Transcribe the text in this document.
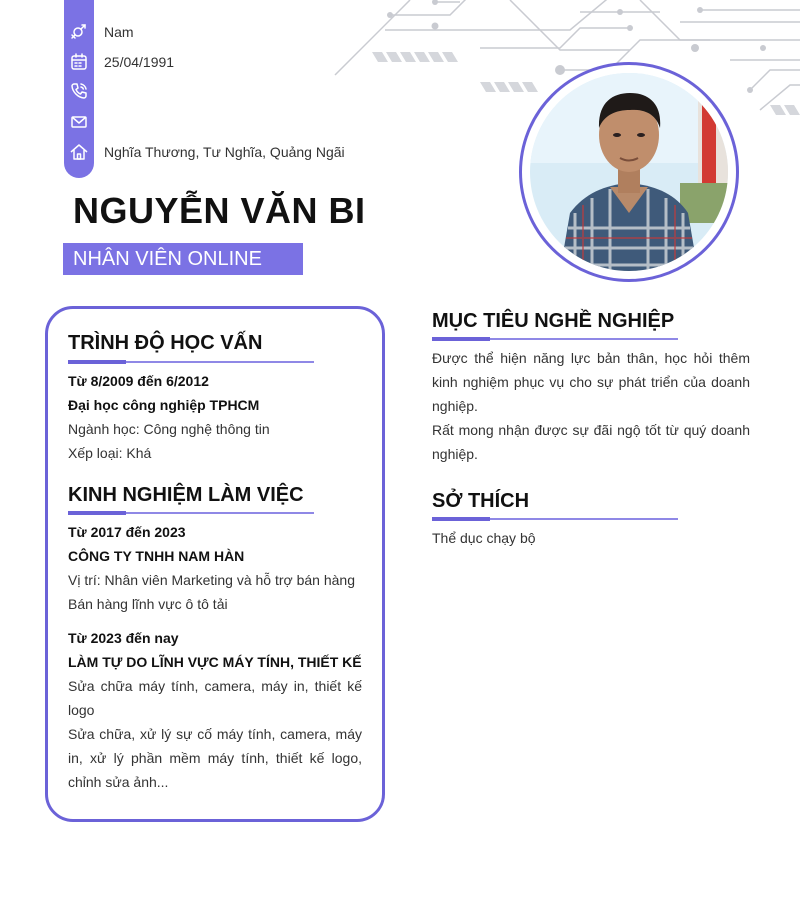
Nam
25/04/1991
Nghĩa Thương, Tư Nghĩa, Quảng Ngãi
NGUYỄN VĂN BI
NHÂN VIÊN ONLINE
TRÌNH ĐỘ HỌC VẤN
Từ 8/2009 đến 6/2012
Đại học công nghiệp TPHCM
Ngành học: Công nghệ thông tin
Xếp loại: Khá
KINH NGHIỆM LÀM VIỆC
Từ 2017 đến 2023
CÔNG TY TNHH NAM HÀN
Vị trí: Nhân viên Marketing và hỗ trợ bán hàng
Bán hàng lĩnh vực ô tô tải
Từ 2023 đến nay
LÀM TỰ DO LĨNH VỰC MÁY TÍNH, THIẾT KẾ
Sửa chữa máy tính, camera, máy in, thiết kế logo
Sửa chữa, xử lý sự cố máy tính, camera, máy in, xử lý phần mềm máy tính, thiết kế logo, chỉnh sửa ảnh...
MỤC TIÊU NGHỀ NGHIỆP
Được thể hiện năng lực bản thân, học hỏi thêm kinh nghiệm phục vụ cho sự phát triển của doanh nghiệp.
Rất mong nhận được sự đãi ngộ tốt từ quý doanh nghiệp.
SỞ THÍCH
Thể dục chạy bộ
